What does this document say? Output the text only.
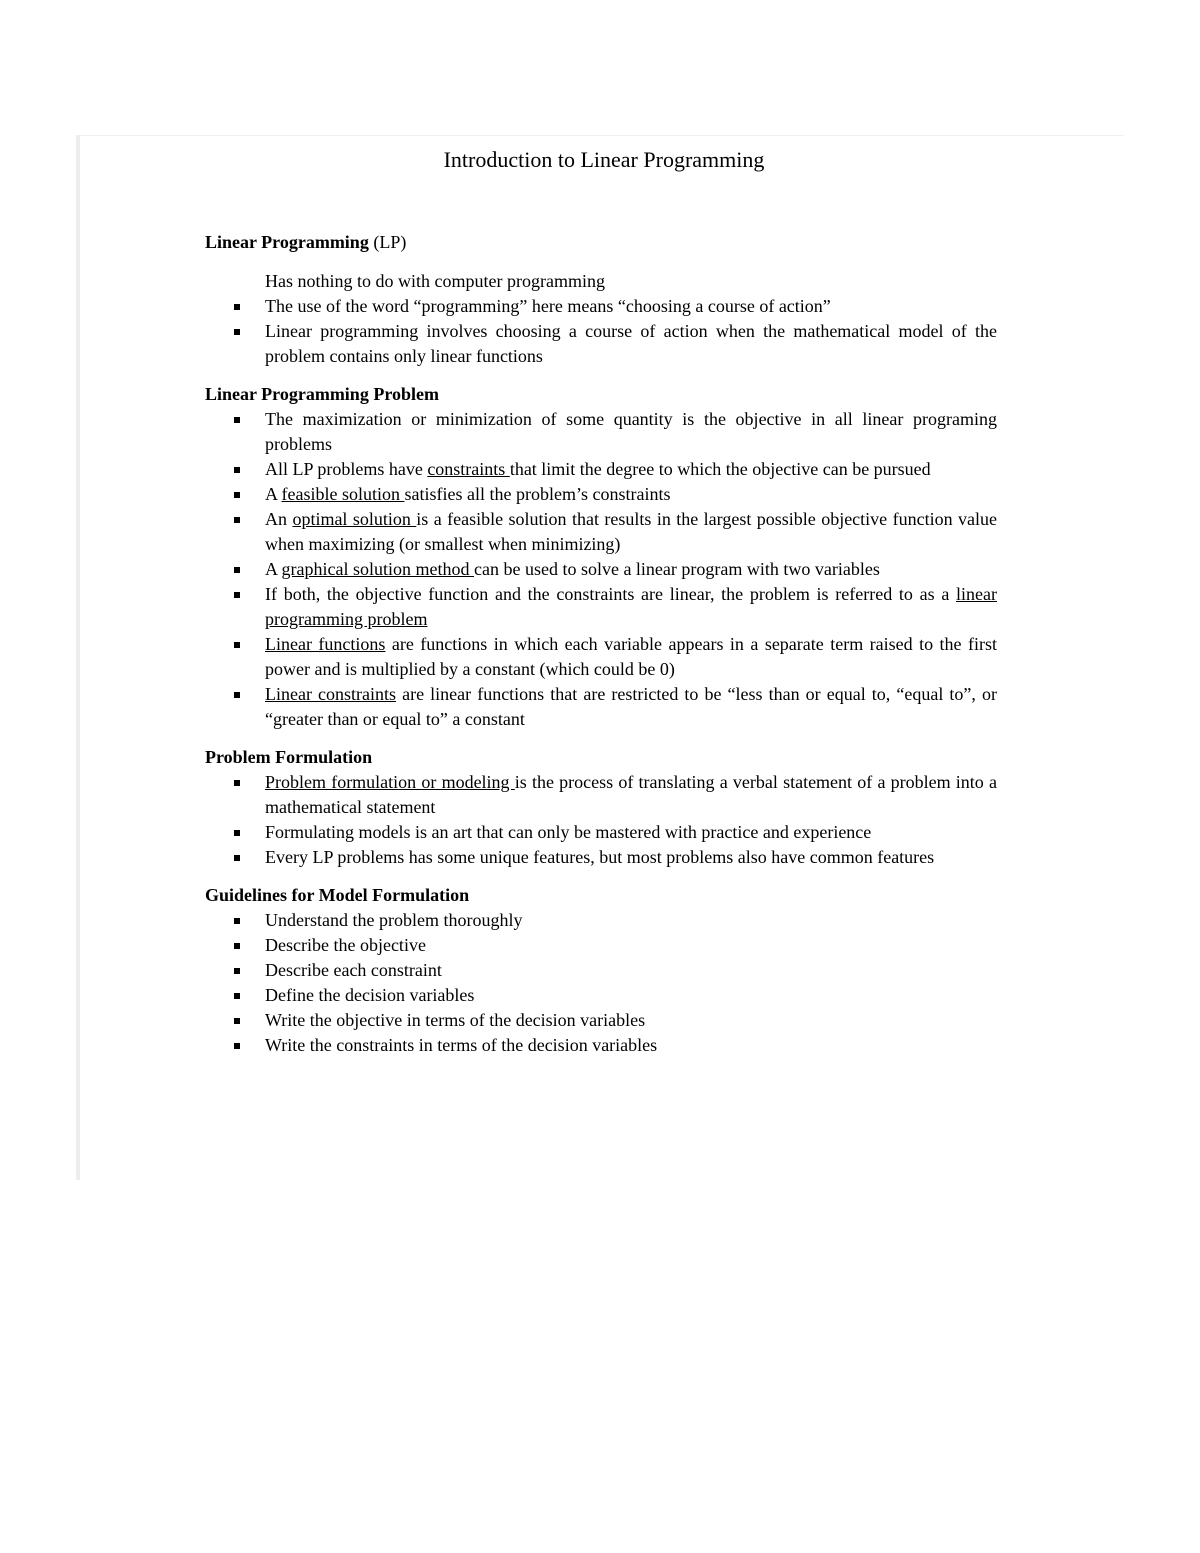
Introduction to Linear Programming

Linear Programming (LP)

Has nothing to do with computer programming

The use of the word “programming” here means “choosing a course of action”
Linear programming involves choosing a course of action when the mathematical model of the problem contains only linear functions

Linear Programming Problem

The maximization or minimization of some quantity is the objective in all linear programing problems
All LP problems have constraints that limit the degree to which the objective can be pursued
A feasible solution satisfies all the problem’s constraints
An optimal solution is a feasible solution that results in the largest possible objective function value when maximizing (or smallest when minimizing)
A graphical solution method can be used to solve a linear program with two variables
If both, the objective function and the constraints are linear, the problem is referred to as a linear programming problem
Linear functions are functions in which each variable appears in a separate term raised to the first power and is multiplied by a constant (which could be 0)
Linear constraints are linear functions that are restricted to be “less than or equal to, “equal to”, or “greater than or equal to” a constant

Problem Formulation

Problem formulation or modeling is the process of translating a verbal statement of a problem into a mathematical statement
Formulating models is an art that can only be mastered with practice and experience
Every LP problems has some unique features, but most problems also have common features

Guidelines for Model Formulation

Understand the problem thoroughly
Describe the objective
Describe each constraint
Define the decision variables
Write the objective in terms of the decision variables
Write the constraints in terms of the decision variables
